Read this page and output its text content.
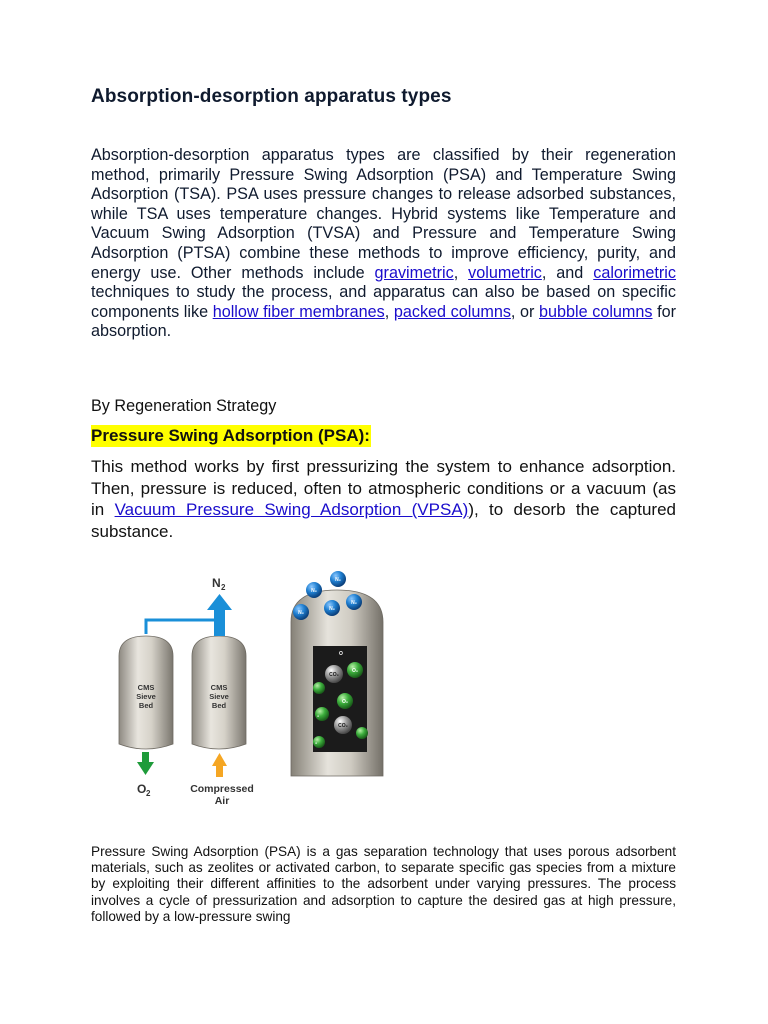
Absorption-desorption apparatus types

Absorption-desorption apparatus types are classified by their regeneration method, primarily Pressure Swing Adsorption (PSA) and Temperature Swing Adsorption (TSA). PSA uses pressure changes to release adsorbed substances, while TSA uses temperature changes. Hybrid systems like Temperature and Vacuum Swing Adsorption (TVSA) and Pressure and Temperature Swing Adsorption (PTSA) combine these methods to improve efficiency, purity, and energy use. Other methods include gravimetric, volumetric, and calorimetric techniques to study the process, and apparatus can also be based on specific components like hollow fiber membranes, packed columns, or bubble columns for absorption.

By Regeneration Strategy

Pressure Swing Adsorption (PSA):

This method works by first pressurizing the system to enhance adsorption. Then, pressure is reduced, often to atmospheric conditions or a vacuum (as in Vacuum Pressure Swing Adsorption (VPSA)), to desorb the captured substance.

CMS
Sieve
Bed
CMS
Sieve
Bed
N 2
O 2	Compressed
Air
O₂
CO₂
O₂
₂
CO₂
₂
O
N₂
N₂
N₂
N₂
N₂

Pressure Swing Adsorption (PSA) is a gas separation technology that uses porous adsorbent materials, such as zeolites or activated carbon, to separate specific gas species from a mixture by exploiting their different affinities to the adsorbent under varying pressures. The process involves a cycle of pressurization and adsorption to capture the desired gas at high pressure, followed by a low-pressure swing
